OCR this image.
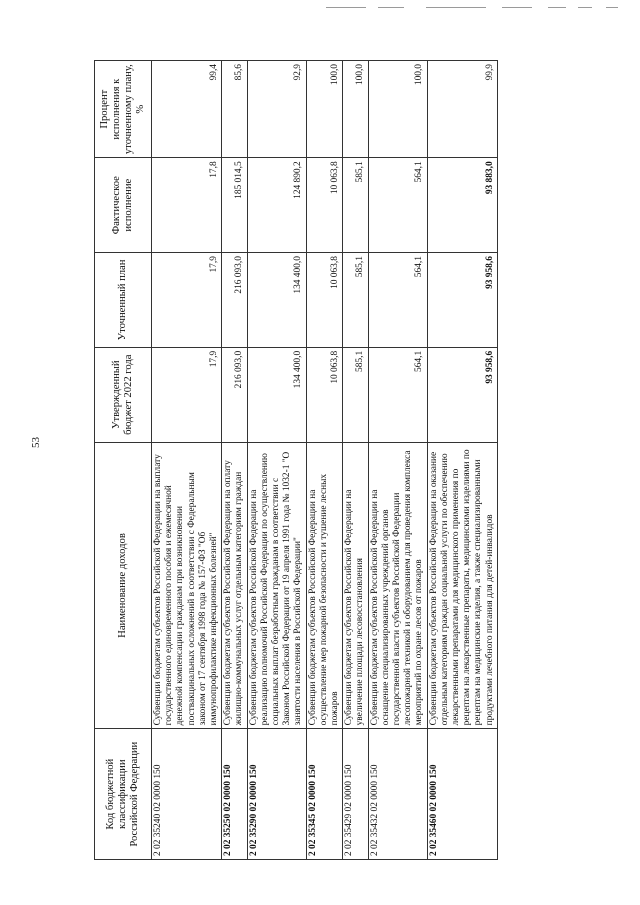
53
Код бюджетной классификации Российской Федерации	Наименование доходов	Утвержденный бюджет 2022 года	Уточненный план	Фактическое исполнение	Процент исполнения к уточненному плану, %
2 02 35240 02 0000 150	Субвенции бюджетам субъектов Российской Федерации на выплату государственного единовременного пособия и ежемесячной денежной компенсации гражданам при возникновении поствакцинальных осложнений в соответствии с Федеральным законом от 17 сентября 1998 года № 157-ФЗ "Об иммунопрофилактике инфекционных болезней"	17,9	17,9	17,8	99,4
2 02 35250 02 0000 150	Субвенции бюджетам субъектов Российской Федерации на оплату жилищно-коммунальных услуг отдельным категориям граждан	216 093,0	216 093,0	185 014,5	85,6
2 02 35290 02 0000 150	Субвенции бюджетам субъектов Российской Федерации на реализацию полномочий Российской Федерации по осуществлению социальных выплат безработным гражданам в соответствии с Законом Российской Федерации от 19 апреля 1991 года № 1032-1 "О занятости населения в Российской Федерации"	134 400,0	134 400,0	124 890,2	92,9
2 02 35345 02 0000 150	Субвенции бюджетам субъектов Российской Федерации на осуществление мер пожарной безопасности и тушение лесных пожаров	10 063,8	10 063,8	10 063,8	100,0
2 02 35429 02 0000 150	Субвенции бюджетам субъектов Российской Федерации на увеличение площади лесовосстановления	585,1	585,1	585,1	100,0
2 02 35432 02 0000 150	Субвенции бюджетам субъектов Российской Федерации на оснащение специализированных учреждений органов государственной власти субъектов Российской Федерации лесопожарной техникой и оборудованием для проведения комплекса мероприятий по охране лесов от пожаров	564,1	564,1	564,1	100,0
2 02 35460 02 0000 150	Субвенции бюджетам субъектов Российской Федерации на оказание отдельным категориям граждан социальной услуги по обеспечению лекарственными препаратами для медицинского применения по рецептам на лекарственные препараты, медицинскими изделиями по рецептам на медицинские изделия, а также специализированными продуктами лечебного питания для детей-инвалидов	93 958,6	93 958,6	93 883,0	99,9
